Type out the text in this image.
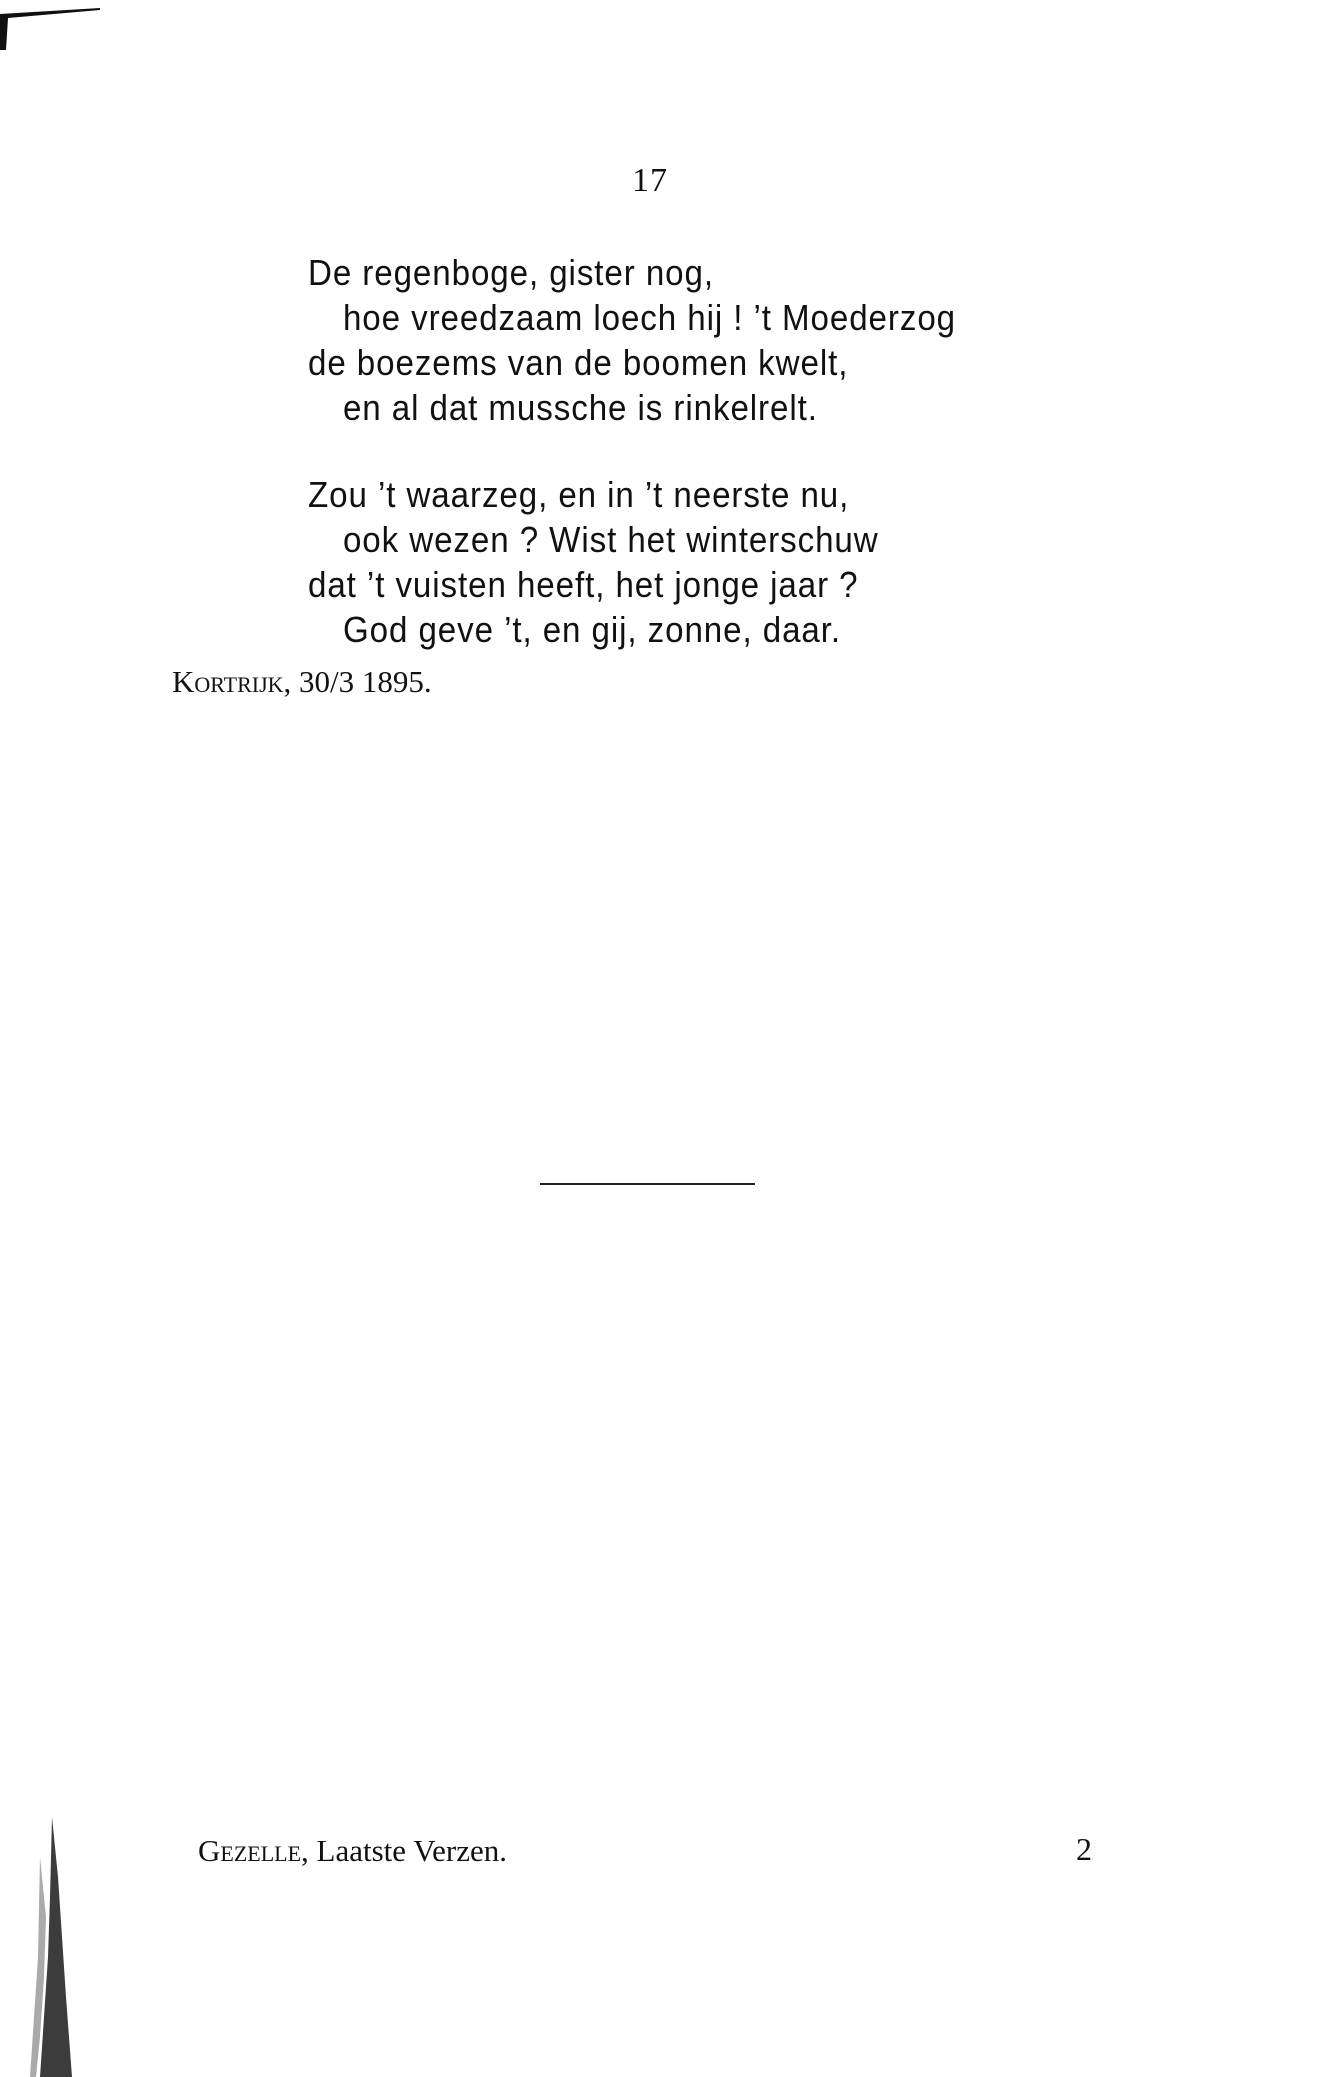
17
De regenboge, gister nog,
hoe vreedzaam loech hij ! ’t Moederzog
de boezems van de boomen kwelt,
en al dat mussche is rinkelrelt.
Zou ’t waarzeg, en in ’t neerste nu,
ook wezen ? Wist het winterschuw
dat ’t vuisten heeft, het jonge jaar ?
God geve ’t, en gij, zonne, daar.
Kortrijk, 30/3 1895.
Gezelle, Laatste Verzen.	2
